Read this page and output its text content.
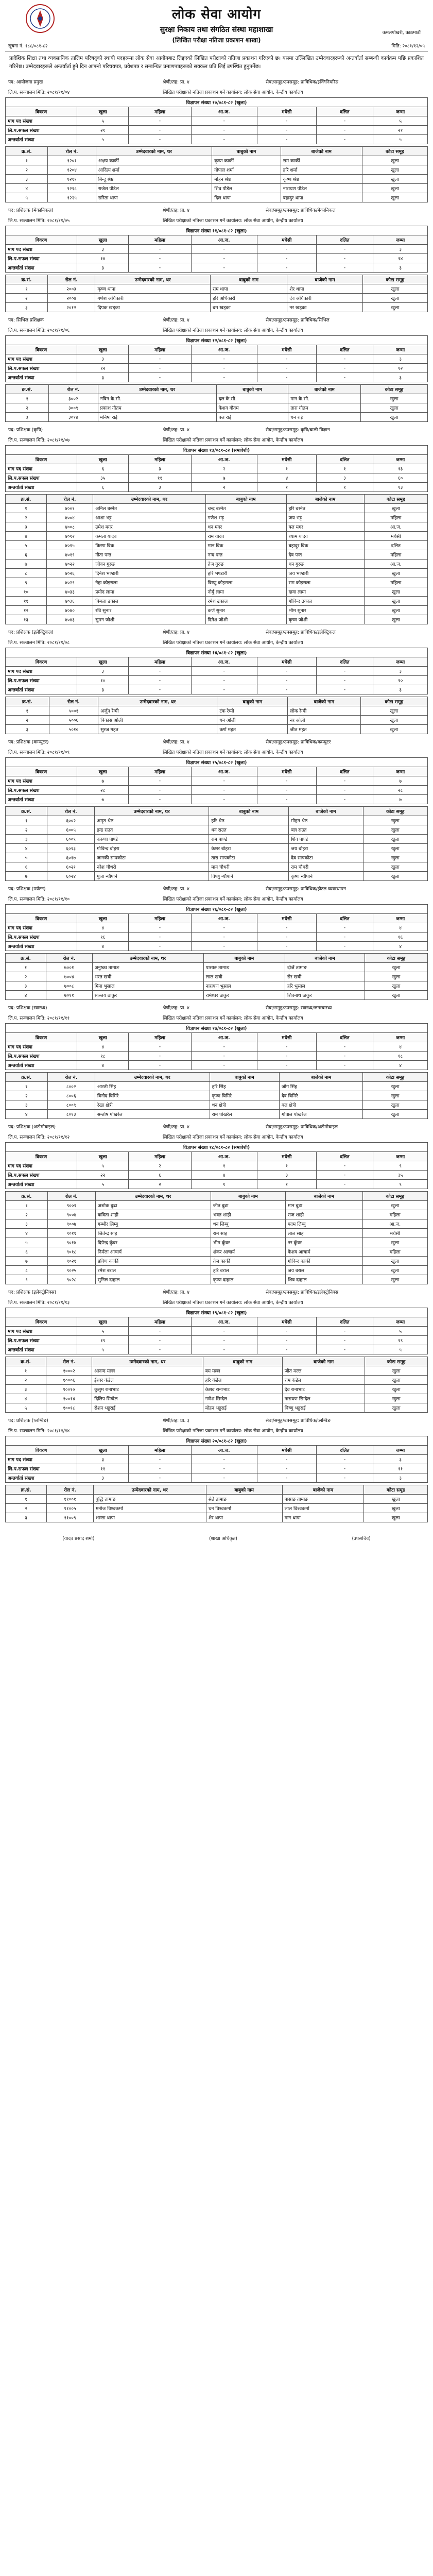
लोक सेवा आयोग
सुरक्षा निकाय तथा संगठित संस्था महाशाखा
(लिखित परीक्षा नतिजा प्रकाशन शाखा)
कमलपोखरी, काठमाडौं
सूचना नं. १८८/०८१-८२	मिति: २०८१/१२/०५
प्रादेशिक शिक्षा तथा व्यवसायिक तालिम परिषद्को स्थायी पदहरूमा लोक सेवा आयोगबाट लिइएको लिखित परीक्षाको नतिजा प्रकाशन गरिएको छ। यसमा उल्लिखित उम्मेदवारहरूको अन्तर्वार्ता सम्बन्धी कार्यक्रम पछि प्रकाशित गरिनेछ। उम्मेदवारहरूले अन्तर्वार्ता हुने दिन आफ्नो परिचयपत्र, प्रवेशपत्र र सम्बन्धित प्रमाणपत्रहरूको सक्कल प्रति लिई उपस्थित हुनुपर्नेछ।
पद: आयोजना प्रमुख	श्रेणी/तह: प्रा. ४	सेवा/समूह/उपसमूह: प्राविधिक/इन्जिनियरिङ
लि.प. सञ्चालन मिति: २०८१/११/०४	लिखित परीक्षाको नतिजा प्रकाशन गर्ने कार्यालय: लोक सेवा आयोग, केन्द्रीय कार्यालय
विज्ञापन संख्या १०/०८१-८२ (खुला)						
विवरण	खुला	महिला	आ.ज.	मधेसी	दलित	जम्मा
माग पद संख्या	५	-	-	-	-	५
लि.प.सफल संख्या	२१	-	-	-	-	२१
अन्तर्वार्ता संख्या	५	-	-	-	-	५
क्र.सं.	रोल नं.	उम्मेदवारको नाम, थर	बाबुको नाम	बाजेको नाम	कोटा समूह
१	१२०१	अक्षय कार्की	कृष्ण कार्की	राम कार्की	खुला
२	१२०४	आदित्य शर्मा	गोपाल शर्मा	हरि शर्मा	खुला
३	१२११	बिन्दु श्रेष्ठ	मोहन श्रेष्ठ	कृष्ण श्रेष्ठ	खुला
४	१२१८	राजेश पौडेल	शिव पौडेल	नारायण पौडेल	खुला
५	१२२५	सरिता थापा	दिल थापा	बहादुर थापा	खुला
पद: प्रशिक्षक (मेकानिकल)	श्रेणी/तह: प्रा. ४	सेवा/समूह/उपसमूह: प्राविधिक/मेकानिकल
लि.प. सञ्चालन मिति: २०८१/११/०५	लिखित परीक्षाको नतिजा प्रकाशन गर्ने कार्यालय: लोक सेवा आयोग, केन्द्रीय कार्यालय
विज्ञापन संख्या ११/०८१-८२ (खुला)						
विवरण	खुला	महिला	आ.ज.	मधेसी	दलित	जम्मा
माग पद संख्या	३	-	-	-	-	३
लि.प.सफल संख्या	१४	-	-	-	-	१४
अन्तर्वार्ता संख्या	३	-	-	-	-	३
क्र.सं.	रोल नं.	उम्मेदवारको नाम, थर	बाबुको नाम	बाजेको नाम	कोटा समूह
१	२००३	कृष्ण थापा	राम थापा	शेर थापा	खुला
२	२००७	गणेश अधिकारी	हरि अधिकारी	देव अधिकारी	खुला
३	२०१२	दिपक खड्का	बम खड्का	नर खड्का	खुला
पद: सिभिल प्रशिक्षक	श्रेणी/तह: प्रा. ४	सेवा/समूह/उपसमूह: प्राविधिक/सिभिल
लि.प. सञ्चालन मिति: २०८१/११/०६	लिखित परीक्षाको नतिजा प्रकाशन गर्ने कार्यालय: लोक सेवा आयोग, केन्द्रीय कार्यालय
विज्ञापन संख्या १२/०८१-८२ (खुला)						
विवरण	खुला	महिला	आ.ज.	मधेसी	दलित	जम्मा
माग पद संख्या	३	-	-	-	-	३
लि.प.सफल संख्या	१२	-	-	-	-	१२
अन्तर्वार्ता संख्या	३	-	-	-	-	३
क्र.सं.	रोल नं.	उम्मेदवारको नाम, थर	बाबुको नाम	बाजेको नाम	कोटा समूह
१	३००२	नविन के.सी.	दल के.सी.	मान के.सी.	खुला
२	३००९	प्रकाश गौतम	केशव गौतम	तारा गौतम	खुला
३	३०१४	मनिषा राई	बल राई	धन राई	खुला
पद: प्रशिक्षक (कृषि)	श्रेणी/तह: प्रा. ४	सेवा/समूह/उपसमूह: कृषि/बाली विज्ञान
लि.प. सञ्चालन मिति: २०८१/११/०७	लिखित परीक्षाको नतिजा प्रकाशन गर्ने कार्यालय: लोक सेवा आयोग, केन्द्रीय कार्यालय
विज्ञापन संख्या १३/०८१-८२ (समावेशी)						
विवरण	खुला	महिला	आ.ज.	मधेसी	दलित	जम्मा
माग पद संख्या	६	३	२	१	१	१३
लि.प.सफल संख्या	३५	११	७	४	३	६०
अन्तर्वार्ता संख्या	६	३	२	१	१	१३
क्र.सं.	रोल नं.	उम्मेदवारको नाम, थर	बाबुको नाम	बाजेको नाम	कोटा समूह
१	४००१	अनिल बस्नेत	चन्द्र बस्नेत	हरि बस्नेत	खुला
२	४००४	आशा भट्ट	गणेश भट्ट	जय भट्ट	महिला
३	४००८	उमेश मगर	धन मगर	बल मगर	आ.ज.
४	४०१२	कमला यादव	राम यादव	श्याम यादव	मधेसी
५	४०१५	किरण विक	मान विक	बहादुर विक	दलित
६	४०१९	गीता पन्त	नन्द पन्त	देव पन्त	महिला
७	४०२२	जीवन गुरुङ	तेज गुरुङ	धन गुरुङ	आ.ज.
८	४०२६	दिनेश भण्डारी	हरि भण्डारी	जय भण्डारी	खुला
९	४०२९	नेहा कोइराला	विष्णु कोइराला	राम कोइराला	महिला
१०	४०३३	प्रमोद लामा	नोर्बु लामा	दावा लामा	खुला
११	४०३६	बिमला ढकाल	रमेश ढकाल	गोविन्द ढकाल	खुला
१२	४०४०	रवि सुनार	कर्ण सुनार	भीम सुनार	खुला
१३	४०४३	सुमन जोशी	दिनेश जोशी	कृष्ण जोशी	खुला
पद: प्रशिक्षक (इलेक्ट्रिकल)	श्रेणी/तह: प्रा. ४	सेवा/समूह/उपसमूह: प्राविधिक/इलेक्ट्रिकल
लि.प. सञ्चालन मिति: २०८१/११/०८	लिखित परीक्षाको नतिजा प्रकाशन गर्ने कार्यालय: लोक सेवा आयोग, केन्द्रीय कार्यालय
विज्ञापन संख्या १४/०८१-८२ (खुला)						
विवरण	खुला	महिला	आ.ज.	मधेसी	दलित	जम्मा
माग पद संख्या	३	-	-	-	-	३
लि.प.सफल संख्या	१०	-	-	-	-	१०
अन्तर्वार्ता संख्या	३	-	-	-	-	३
क्र.सं.	रोल नं.	उम्मेदवारको नाम, थर	बाबुको नाम	बाजेको नाम	कोटा समूह
१	५००१	अर्जुन रेग्मी	टंक रेग्मी	लोक रेग्मी	खुला
२	५००६	बिकास ओली	धन ओली	नर ओली	खुला
३	५०१०	सुरज महत	कर्ण महत	जीत महत	खुला
पद: प्रशिक्षक (कम्प्युटर)	श्रेणी/तह: प्रा. ४	सेवा/समूह/उपसमूह: प्राविधिक/कम्प्युटर
लि.प. सञ्चालन मिति: २०८१/११/०९	लिखित परीक्षाको नतिजा प्रकाशन गर्ने कार्यालय: लोक सेवा आयोग, केन्द्रीय कार्यालय
विज्ञापन संख्या १५/०८१-८२ (खुला)						
विवरण	खुला	महिला	आ.ज.	मधेसी	दलित	जम्मा
माग पद संख्या	७	-	-	-	-	७
लि.प.सफल संख्या	२८	-	-	-	-	२८
अन्तर्वार्ता संख्या	७	-	-	-	-	७
क्र.सं.	रोल नं.	उम्मेदवारको नाम, थर	बाबुको नाम	बाजेको नाम	कोटा समूह
१	६००२	अमृत श्रेष्ठ	हरि श्रेष्ठ	मोहन श्रेष्ठ	खुला
२	६००५	इन्द्र राउत	धन राउत	बल राउत	खुला
३	६००९	करुणा पाण्डे	राम पाण्डे	शिव पाण्डे	खुला
४	६०१३	गोविन्द बोहरा	केशर बोहरा	जय बोहरा	खुला
५	६०१७	जानकी सापकोटा	तारा सापकोटा	देव सापकोटा	खुला
६	६०२१	नरेश चौधरी	मान चौधरी	राम चौधरी	खुला
७	६०२४	पुजा न्यौपाने	विष्णु न्यौपाने	कृष्ण न्यौपाने	खुला
पद: प्रशिक्षक (पर्यटन)	श्रेणी/तह: प्रा. ४	सेवा/समूह/उपसमूह: प्राविधिक/होटल व्यवस्थापन
लि.प. सञ्चालन मिति: २०८१/११/१०	लिखित परीक्षाको नतिजा प्रकाशन गर्ने कार्यालय: लोक सेवा आयोग, केन्द्रीय कार्यालय
विज्ञापन संख्या १६/०८१-८२ (खुला)						
विवरण	खुला	महिला	आ.ज.	मधेसी	दलित	जम्मा
माग पद संख्या	४	-	-	-	-	४
लि.प.सफल संख्या	१६	-	-	-	-	१६
अन्तर्वार्ता संख्या	४	-	-	-	-	४
क्र.सं.	रोल नं.	उम्मेदवारको नाम, थर	बाबुको नाम	बाजेको नाम	कोटा समूह
१	७००१	अनुष्का तामाङ	पासाङ तामाङ	दोर्जे तामाङ	खुला
२	७००४	भरत खत्री	लाल खत्री	सेर खत्री	खुला
३	७००८	मिना भुसाल	नारायण भुसाल	हरि भुसाल	खुला
४	७०११	सञ्जय ठाकुर	रामेश्वर ठाकुर	शिवनाथ ठाकुर	खुला
पद: प्रशिक्षक (स्वास्थ्य)	श्रेणी/तह: प्रा. ४	सेवा/समूह/उपसमूह: स्वास्थ्य/जनस्वास्थ्य
लि.प. सञ्चालन मिति: २०८१/११/११	लिखित परीक्षाको नतिजा प्रकाशन गर्ने कार्यालय: लोक सेवा आयोग, केन्द्रीय कार्यालय
विज्ञापन संख्या १७/०८१-८२ (खुला)						
विवरण	खुला	महिला	आ.ज.	मधेसी	दलित	जम्मा
माग पद संख्या	४	-	-	-	-	४
लि.प.सफल संख्या	१८	-	-	-	-	१८
अन्तर्वार्ता संख्या	४	-	-	-	-	४
क्र.सं.	रोल नं.	उम्मेदवारको नाम, थर	बाबुको नाम	बाजेको नाम	कोटा समूह
१	८००२	आरती सिंह	हरि सिंह	जोग सिंह	खुला
२	८००६	बिनोद घिमिरे	कृष्ण घिमिरे	देव घिमिरे	खुला
३	८००९	रेखा क्षेत्री	धन क्षेत्री	बल क्षेत्री	खुला
४	८०१३	सन्तोष पोखरेल	राम पोखरेल	गोपाल पोखरेल	खुला
पद: प्रशिक्षक (अटोमोबाइल)	श्रेणी/तह: प्रा. ४	सेवा/समूह/उपसमूह: प्राविधिक/अटोमोबाइल
लि.प. सञ्चालन मिति: २०८१/११/१२	लिखित परीक्षाको नतिजा प्रकाशन गर्ने कार्यालय: लोक सेवा आयोग, केन्द्रीय कार्यालय
विज्ञापन संख्या १८/०८१-८२ (समावेशी)						
विवरण	खुला	महिला	आ.ज.	मधेसी	दलित	जम्मा
माग पद संख्या	५	२	१	१	-	९
लि.प.सफल संख्या	२२	६	४	३	-	३५
अन्तर्वार्ता संख्या	५	२	१	१	-	९
क्र.सं.	रोल नं.	उम्मेदवारको नाम, थर	बाबुको नाम	बाजेको नाम	कोटा समूह
१	९००१	अशोक बुढा	जीत बुढा	मान बुढा	खुला
२	९००४	कविता शाही	भक्त शाही	राज शाही	महिला
३	९००७	गम्भीर लिम्बु	धन लिम्बु	पदम लिम्बु	आ.ज.
४	९०११	जितेन्द्र साह	राम साह	लाल साह	मधेसी
५	९०१४	दिपेन्द्र कुँवर	भीम कुँवर	नर कुँवर	खुला
६	९०१८	निर्मला आचार्य	शंकर आचार्य	केशव आचार्य	महिला
७	९०२१	प्रविण कार्की	तेज कार्की	गोविन्द कार्की	खुला
८	९०२५	रमेश बराल	हरि बराल	जय बराल	खुला
९	९०२८	सुनिल दाहाल	कृष्ण दाहाल	शिव दाहाल	खुला
पद: प्रशिक्षक (इलेक्ट्रोनिक्स)	श्रेणी/तह: प्रा. ४	सेवा/समूह/उपसमूह: प्राविधिक/इलेक्ट्रोनिक्स
लि.प. सञ्चालन मिति: २०८१/११/१३	लिखित परीक्षाको नतिजा प्रकाशन गर्ने कार्यालय: लोक सेवा आयोग, केन्द्रीय कार्यालय
विज्ञापन संख्या १९/०८१-८२ (खुला)						
विवरण	खुला	महिला	आ.ज.	मधेसी	दलित	जम्मा
माग पद संख्या	५	-	-	-	-	५
लि.प.सफल संख्या	१९	-	-	-	-	१९
अन्तर्वार्ता संख्या	५	-	-	-	-	५
क्र.सं.	रोल नं.	उम्मेदवारको नाम, थर	बाबुको नाम	बाजेको नाम	कोटा समूह
१	१०००२	आनन्द मल्ल	बम मल्ल	जीत मल्ल	खुला
२	१०००६	ईश्वर कंडेल	हरि कंडेल	राम कंडेल	खुला
३	१००१०	कुसुम रानाभाट	केशव रानाभाट	देव रानाभाट	खुला
४	१००१४	दिलिप सिग्देल	गणेश सिग्देल	नारायण सिग्देल	खुला
५	१००१८	रोशन भट्टराई	मोहन भट्टराई	विष्णु भट्टराई	खुला
पद: प्रशिक्षक (प्लम्बिङ)	श्रेणी/तह: प्रा. ३	सेवा/समूह/उपसमूह: प्राविधिक/प्लम्बिङ
लि.प. सञ्चालन मिति: २०८१/११/१४	लिखित परीक्षाको नतिजा प्रकाशन गर्ने कार्यालय: लोक सेवा आयोग, केन्द्रीय कार्यालय
विज्ञापन संख्या २०/०८१-८२ (खुला)						
विवरण	खुला	महिला	आ.ज.	मधेसी	दलित	जम्मा
माग पद संख्या	३	-	-	-	-	३
लि.प.सफल संख्या	११	-	-	-	-	११
अन्तर्वार्ता संख्या	३	-	-	-	-	३
क्र.सं.	रोल नं.	उम्मेदवारको नाम, थर	बाबुको नाम	बाजेको नाम	कोटा समूह
१	११००१	बुद्धि तामाङ	सेते तामाङ	पासाङ तामाङ	खुला
२	११००५	मनोज विश्वकर्मा	धन विश्वकर्मा	लाल विश्वकर्मा	खुला
३	११००९	शान्ता थापा	शेर थापा	मान थापा	खुला
(यादव प्रसाद शर्मा)	(शाखा अधिकृत)	(उपसचिव)
